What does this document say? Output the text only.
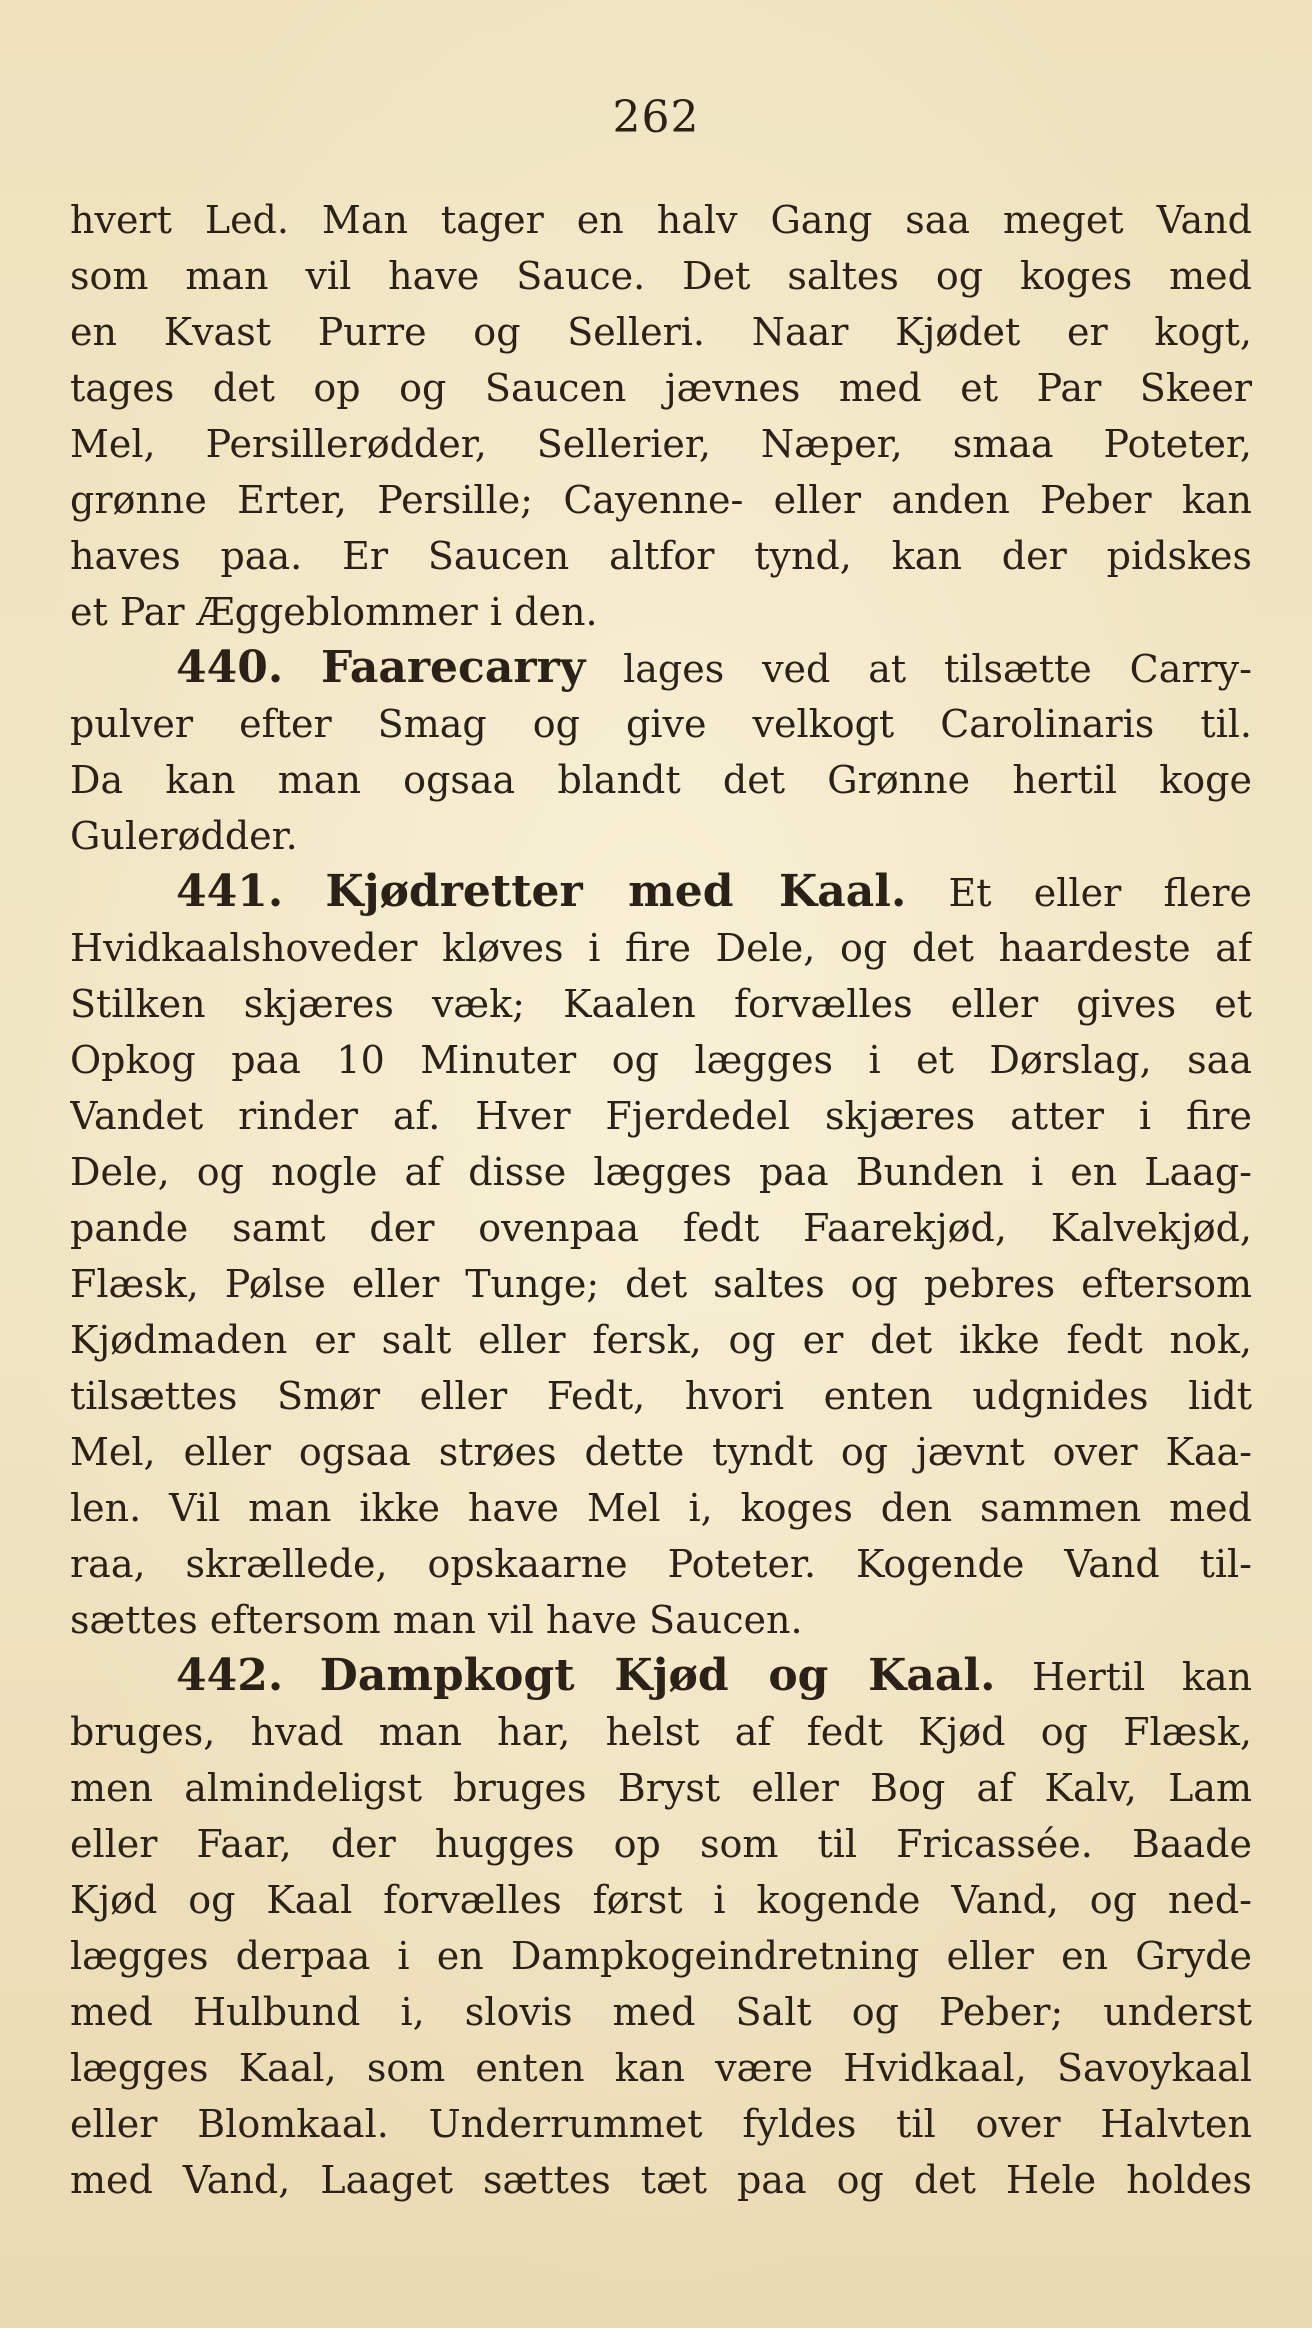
262
hvert Led. Man tager en halv Gang saa meget Vand
som man vil have Sauce. Det saltes og koges med
en Kvast Purre og Selleri. Naar Kjødet er kogt,
tages det op og Saucen jævnes med et Par Skeer
Mel, Persillerødder, Sellerier, Næper, smaa Poteter,
grønne Erter, Persille; Cayenne- eller anden Peber kan
haves paa. Er Saucen altfor tynd, kan der pidskes
et Par Æggeblommer i den.
440. Faarecarry lages ved at tilsætte Carry-
pulver efter Smag og give velkogt Carolinaris til.
Da kan man ogsaa blandt det Grønne hertil koge
Gulerødder.
441. Kjødretter med Kaal. Et eller flere
Hvidkaalshoveder kløves i fire Dele, og det haardeste af
Stilken skjæres væk; Kaalen forvælles eller gives et
Opkog paa 10 Minuter og lægges i et Dørslag, saa
Vandet rinder af. Hver Fjerdedel skjæres atter i fire
Dele, og nogle af disse lægges paa Bunden i en Laag-
pande samt der ovenpaa fedt Faarekjød, Kalvekjød,
Flæsk, Pølse eller Tunge; det saltes og pebres eftersom
Kjødmaden er salt eller fersk, og er det ikke fedt nok,
tilsættes Smør eller Fedt, hvori enten udgnides lidt
Mel, eller ogsaa strøes dette tyndt og jævnt over Kaa-
len. Vil man ikke have Mel i, koges den sammen med
raa, skrællede, opskaarne Poteter. Kogende Vand til-
sættes eftersom man vil have Saucen.
442. Dampkogt Kjød og Kaal. Hertil kan
bruges, hvad man har, helst af fedt Kjød og Flæsk,
men almindeligst bruges Bryst eller Bog af Kalv, Lam
eller Faar, der hugges op som til Fricassée. Baade
Kjød og Kaal forvælles først i kogende Vand, og ned-
lægges derpaa i en Dampkogeindretning eller en Gryde
med Hulbund i, slovis med Salt og Peber; underst
lægges Kaal, som enten kan være Hvidkaal, Savoykaal
eller Blomkaal. Underrummet fyldes til over Halvten
med Vand, Laaget sættes tæt paa og det Hele holdes
